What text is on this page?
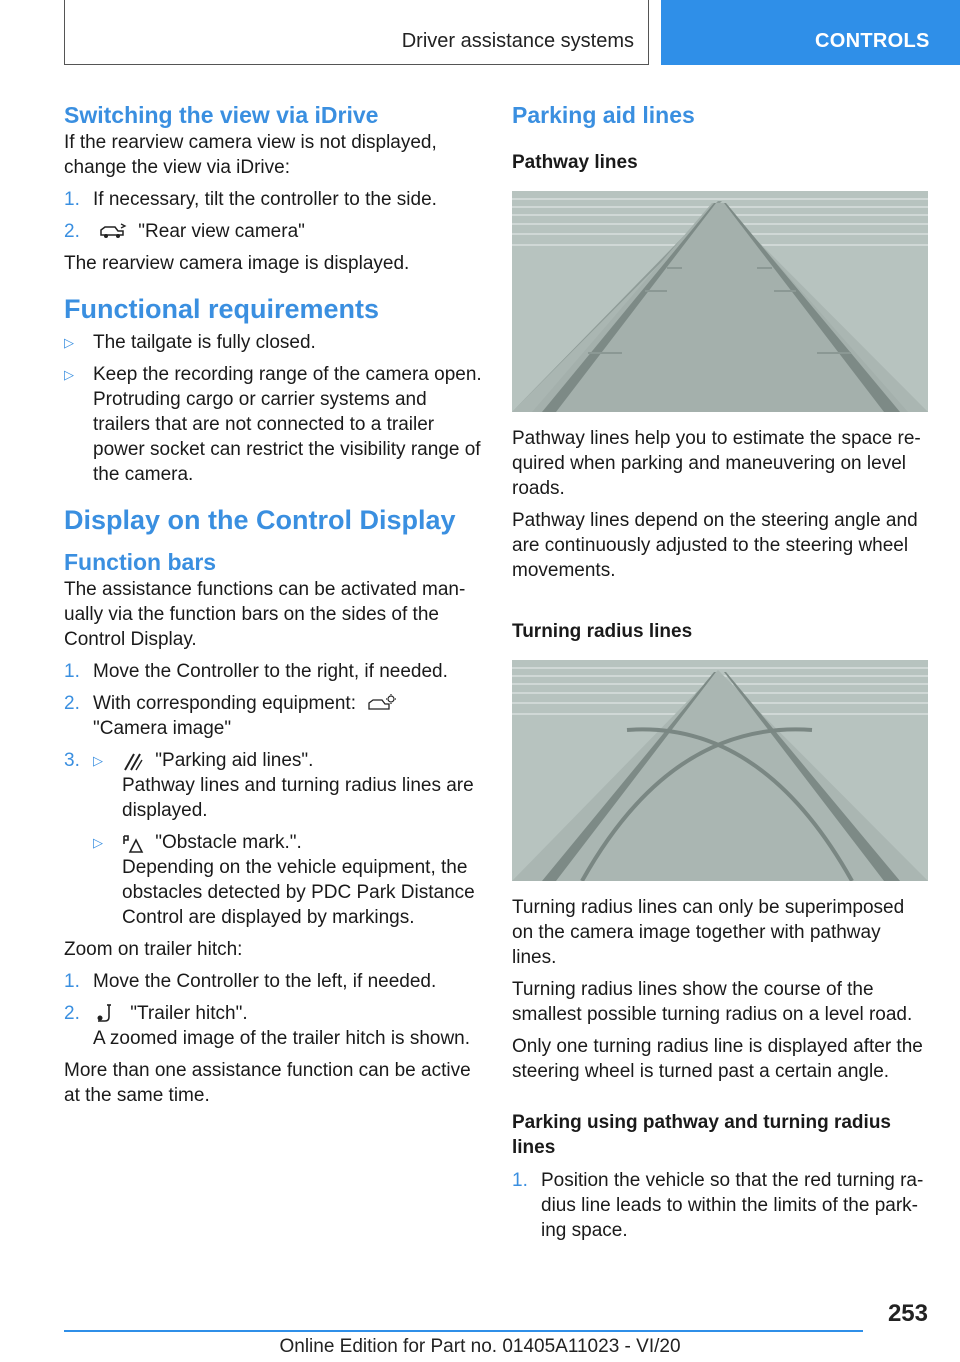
Driver assistance systems	CONTROLS
Switching the view via iDrive

If the rearview camera view is not displayed, change the view via iDrive:

1. If necessary, tilt the controller to the side.
2.	"Rear view camera"

The rearview camera image is displayed.

Functional requirements
▷ The tailgate is fully closed.
▷ Keep the recording range of the camera open. Protruding cargo or carrier systems and trailers that are not connected to a trailer power socket can restrict the visibility range of the camera.
Display on the Control Display
Function bars

The assistance functions can be activated man-ually via the function bars on the sides of the Control Display.

1. Move the Controller to the right, if needed.
2. With corresponding equipment:
"Camera image"
3. ▷	"Parking aid lines".

Pathway lines and turning radius lines are displayed.

▷	"Obstacle mark.".

Depending on the vehicle equipment, the obstacles detected by PDC Park Distance Control are displayed by markings.

Zoom on trailer hitch:

1. Move the Controller to the left, if needed.
2.	"Trailer hitch".

A zoomed image of the trailer hitch is shown.

More than one assistance function can be active at the same time.

Parking aid lines
Pathway lines

Pathway lines help you to estimate the space re-quired when parking and maneuvering on level roads.

Pathway lines depend on the steering angle and are continuously adjusted to the steering wheel movements.

Turning radius lines

Turning radius lines can only be superimposed on the camera image together with pathway lines.

Turning radius lines show the course of the smallest possible turning radius on a level road.

Only one turning radius line is displayed after the steering wheel is turned past a certain angle.

Parking using pathway and turning radius lines
1. Position the vehicle so that the red turning ra-dius line leads to within the limits of the park-ing space.
253
Online Edition for Part no. 01405A11023 - VI/20
